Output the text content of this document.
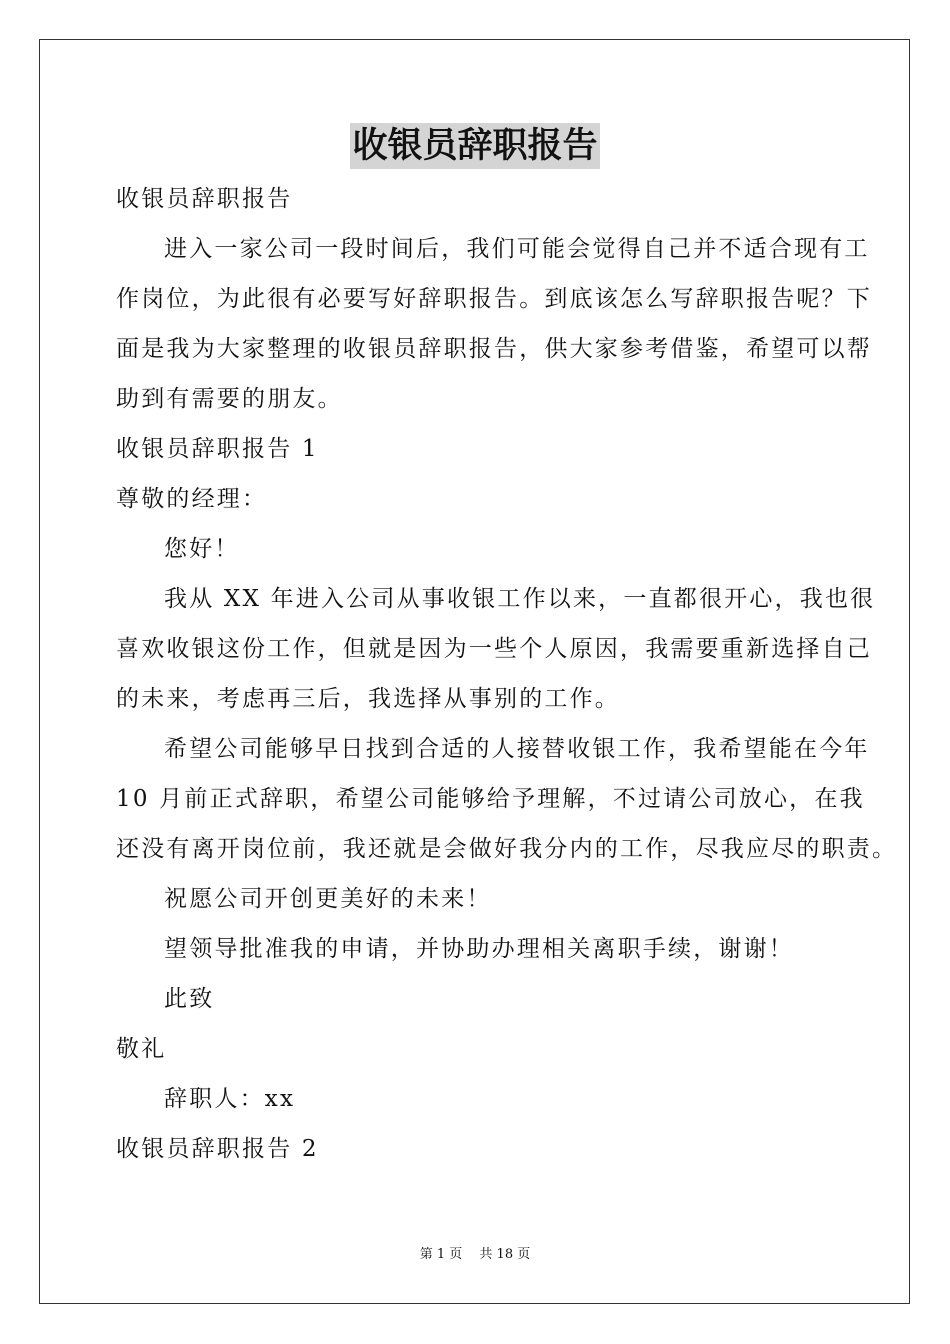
收银员辞职报告
收银员辞职报告
进入一家公司一段时间后，我们可能会觉得自己并不适合现有工
作岗位，为此很有必要写好辞职报告。到底该怎么写辞职报告呢？下
面是我为大家整理的收银员辞职报告，供大家参考借鉴，希望可以帮
助到有需要的朋友。
收银员辞职报告 1
尊敬的经理：
您好！
我从 XX 年进入公司从事收银工作以来，一直都很开心，我也很
喜欢收银这份工作，但就是因为一些个人原因，我需要重新选择自己
的未来，考虑再三后，我选择从事别的工作。
希望公司能够早日找到合适的人接替收银工作，我希望能在今年
10 月前正式辞职，希望公司能够给予理解，不过请公司放心，在我
还没有离开岗位前，我还就是会做好我分内的工作，尽我应尽的职责。
祝愿公司开创更美好的未来！
望领导批准我的申请，并协助办理相关离职手续，谢谢！
此致
敬礼
辞职人：xx
收银员辞职报告 2
第 1 页　 共 18 页
